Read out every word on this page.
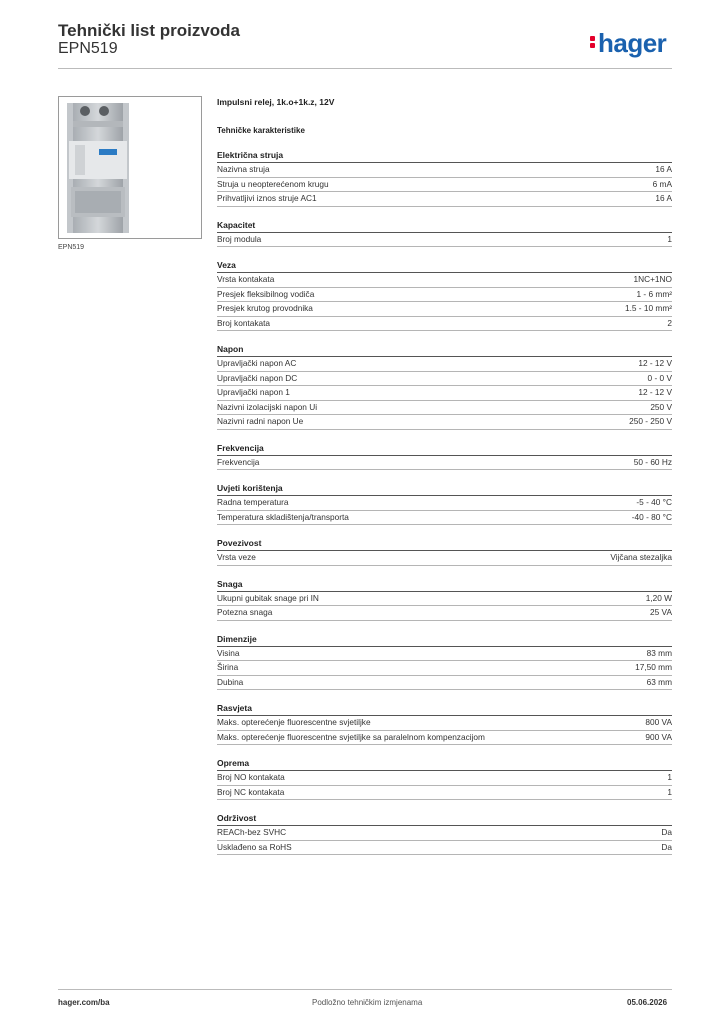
Tehnički list proizvoda
EPN519	hager
EPN519
Impulsni relej, 1k.o+1k.z, 12V
Tehničke karakteristike
Električna struja
Nazivna struja	16 A
Struja u neopterećenom krugu	6 mA
Prihvatljivi iznos struje AC1	16 A
Kapacitet
Broj modula	1
Veza
Vrsta kontakata	1NC+1NO
Presjek fleksibilnog vodiča	1 - 6 mm²
Presjek krutog provodnika	1.5 - 10 mm²
Broj kontakata	2
Napon
Upravljački napon AC	12 - 12 V
Upravljački napon DC	0 - 0 V
Upravljački napon 1	12 - 12 V
Nazivni izolacijski napon Ui	250 V
Nazivni radni napon Ue	250 - 250 V
Frekvencija
Frekvencija	50 - 60 Hz
Uvjeti korištenja
Radna temperatura	-5 - 40 °C
Temperatura skladištenja/transporta	-40 - 80 °C
Povezivost
Vrsta veze	Vijčana stezaljka
Snaga
Ukupni gubitak snage pri IN	1,20 W
Potezna snaga	25 VA
Dimenzije
Visina	83 mm
Širina	17,50 mm
Dubina	63 mm
Rasvjeta
Maks. opterećenje fluorescentne svjetiljke	800 VA
Maks. opterećenje fluorescentne svjetiljke sa paralelnom kompenzacijom	900 VA
Oprema
Broj NO kontakata	1
Broj NC kontakata	1
Održivost
REACh-bez SVHC	Da
Usklađeno sa RoHS	Da
hager.com/ba	Podložno tehničkim izmjenama	05.06.2026
